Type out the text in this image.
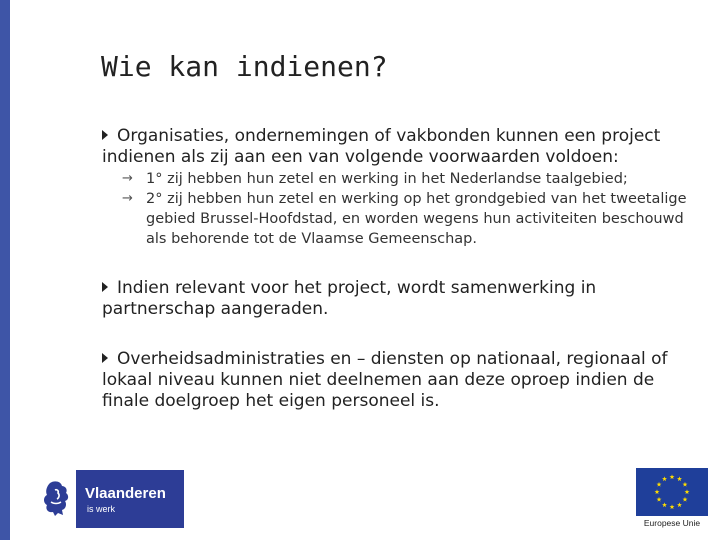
Wie kan indienen?

Organisaties, ondernemingen of vakbonden kunnen een project indienen als zij aan een van volgende voorwaarden voldoen:

→ 1° zij hebben hun zetel en werking in het Nederlandse taalgebied;
→ 2° zij hebben hun zetel en werking op het grondgebied van het tweetalige gebied Brussel-Hoofdstad, en worden wegens hun activiteiten beschouwd als behorende tot de Vlaamse Gemeenschap.

Indien relevant voor het project, wordt samenwerking in partnerschap aangeraden.

Overheidsadministraties en – diensten op nationaal, regionaal of lokaal niveau kunnen niet deelnemen aan deze oproep indien de finale doelgroep het eigen personeel is.

Vlaanderen
is werk
Europese Unie
